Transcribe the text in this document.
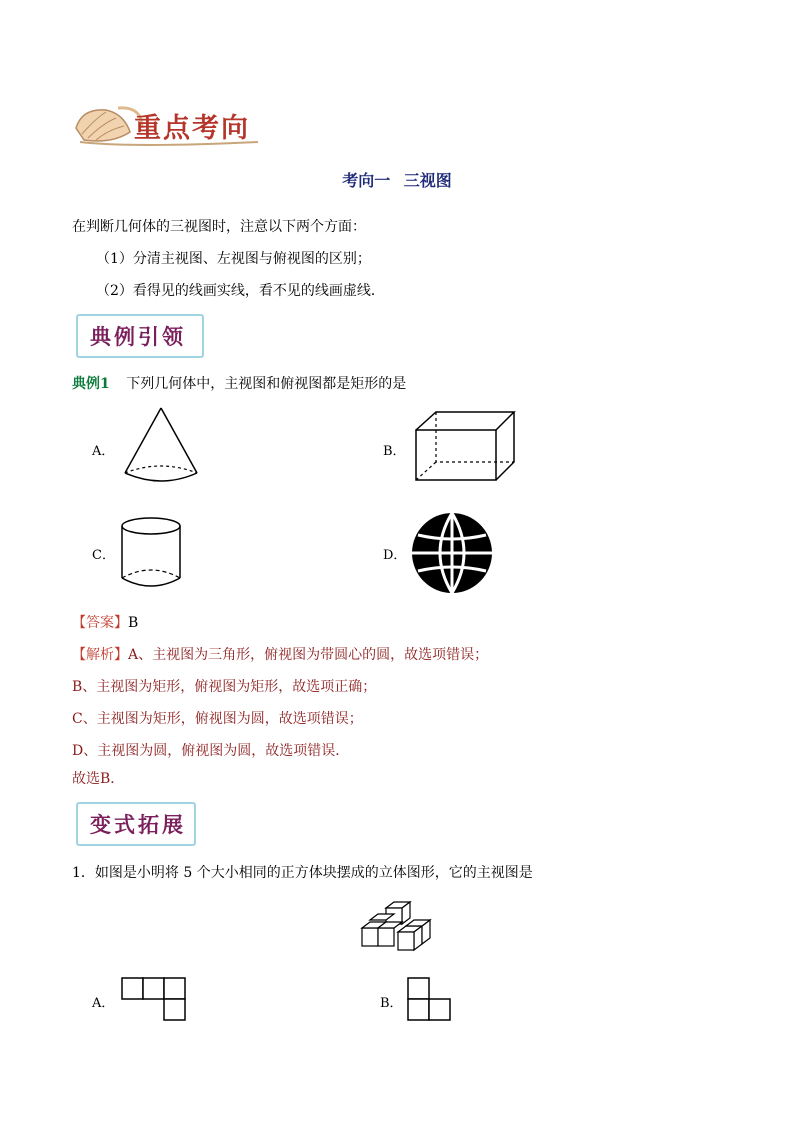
重点考向
考向一 三视图
在判断几何体的三视图时，注意以下两个方面：
（1）分清主视图、左视图与俯视图的区别；
（2）看得见的线画实线，看不见的线画虚线．
典例引领
典例1 下列几何体中，主视图和俯视图都是矩形的是
A．	B．
C．	D．
【答案】B
【解析】A、主视图为三角形，俯视图为带圆心的圆，故选项错误；
B、主视图为矩形，俯视图为矩形，故选项正确；
C、主视图为矩形，俯视图为圆，故选项错误；
D、主视图为圆，俯视图为圆，故选项错误．
故选B．
变式拓展
1．如图是小明将 5 个大小相同的正方体块摆成的立体图形，它的主视图是
A．	B．
